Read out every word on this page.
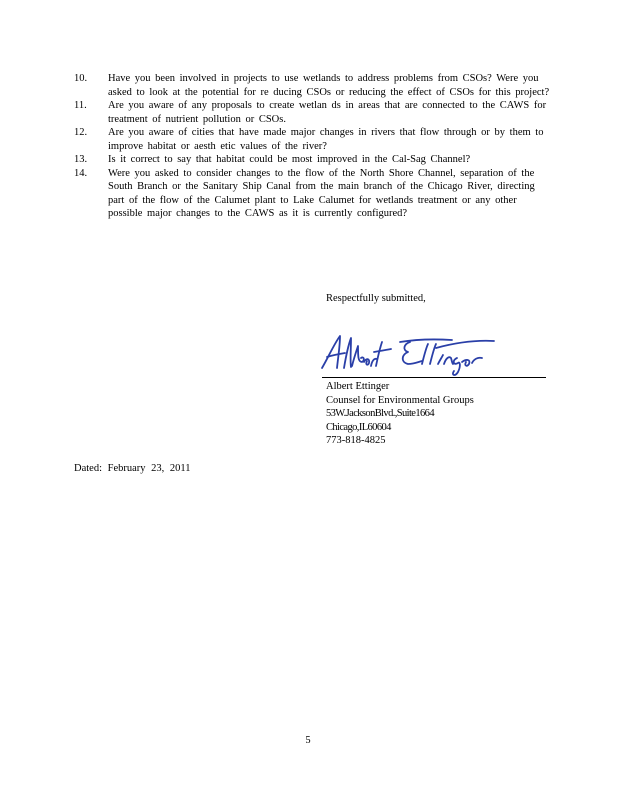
10.	Have you been involved in projects to use wetlands to address problems from CSOs? Were you asked to look at the potential for re ducing CSOs or reducing the effect of CSOs for this project?
11.	Are you aware of any proposals to create wetlan ds in areas that are connected to the CAWS for treatment of nutrient pollution or CSOs.
12.	Are you aware of cities that have made major changes in rivers that flow through or by them to improve habitat or aesth etic values of the river?
13.	Is it correct to say that habitat could be most improved in the Cal-Sag Channel?
14.	Were you asked to consider changes to the flow of the North Shore Channel, separation of the South Branch or the Sanitary Ship Canal from the main branch of the Chicago River, directing part of the flow of the Calumet plant to Lake Calumet for wetlands treatment or any other possible major changes to the CAWS as it is currently configured?
Respectfully submitted,
Albert Ettinger
Counsel for Environmental Groups
53W.JacksonBlvd.,Suite1664
Chicago,IL60604
773-818-4825
Dated: February 23, 2011
5
